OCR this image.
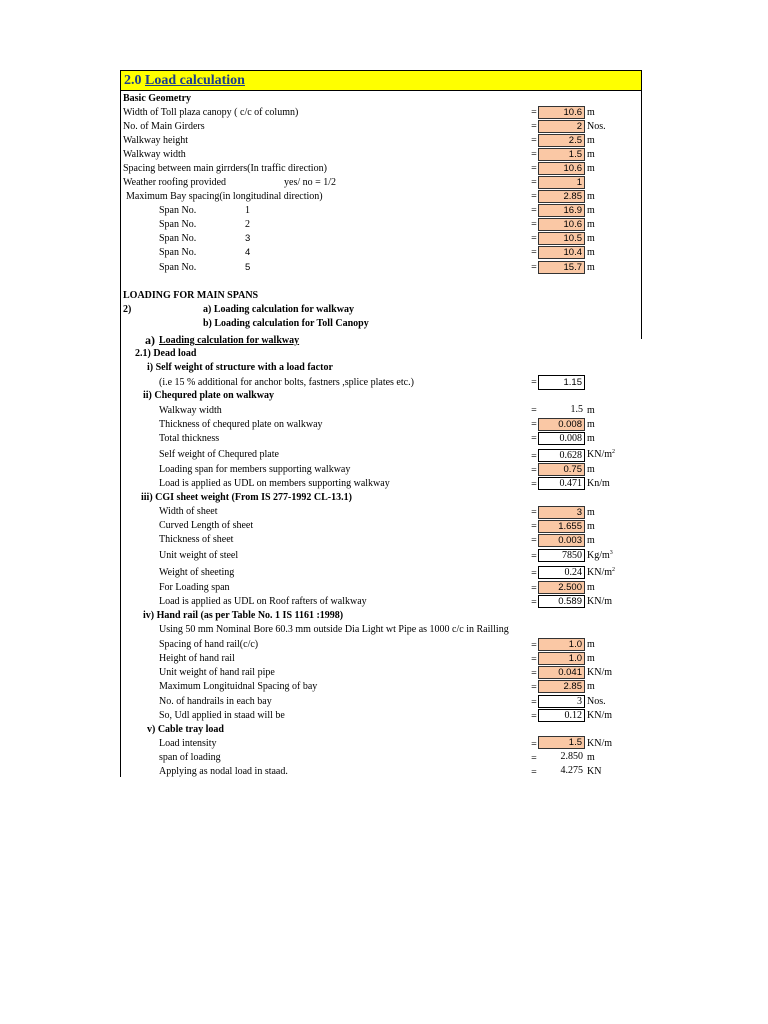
2.0 Load calculation
Basic Geometry
Width of Toll plaza canopy ( c/c of column)	=	10.6 m
No. of Main Girders	=	2 Nos.
Walkway height	=	2.5 m
Walkway width	=	1.5 m
Spacing between main girrders(In traffic direction)	=	10.6 m
Weather roofing provided	yes/ no = 1/2	=	1
Maximum Bay spacing(in longitudinal direction)	=	2.85 m
Span No.	1	=	16.9 m
Span No.	2	=	10.6 m
Span No.	3	=	10.5 m
Span No.	4	=	10.4 m
Span No.	5	=	15.7 m
LOADING FOR MAIN SPANS
2)	a) Loading calculation for walkway
b) Loading calculation for Toll Canopy
a) Loading calculation for walkway
2.1) Dead load
i) Self weight of structure with a load factor
(i.e 15 % additional for anchor bolts, fastners ,splice plates etc.)	=	1.15
ii) Chequred plate on walkway
Walkway width	=	1.5 m
Thickness of chequred plate on walkway	=	0.008 m
Total thickness	=	0.008 m
Self weight of Chequred plate	=	0.628 $KN/m^2$
Loading span for members supporting walkway	=	0.75 m
Load is applied as UDL on members supporting walkway	=	0.471 Kn/m
iii) CGI sheet weight (From IS 277-1992 CL-13.1)
Width of sheet	=	3 m
Curved Length of sheet	=	1.655 m
Thickness of sheet	=	0.003 m
Unit weight of steel	=	7850 $Kg/m^3$
Weight of sheeting	=	0.24 $KN/m^2$
For Loading span	=	2.500 m
Load is applied as UDL on Roof rafters of walkway	=	0.589 KN/m
iv) Hand rail (as per Table No. 1 IS 1161 :1998)
Using 50 mm Nominal Bore 60.3 mm outside Dia Light wt Pipe as 1000 c/c in Railling
Spacing of hand rail(c/c)	=	1.0 m
Height of hand rail	=	1.0 m
Unit weight of hand rail pipe	=	0.041 KN/m
Maximum Longituidnal Spacing of bay	=	2.85 m
No. of handrails in each bay	=	3 Nos.
So, Udl applied in staad will be	=	0.12 KN/m
v) Cable tray load
Load intensity	=	1.5 KN/m
span of loading	=	2.850 m
Applying as nodal load in staad.	=	4.275 KN
